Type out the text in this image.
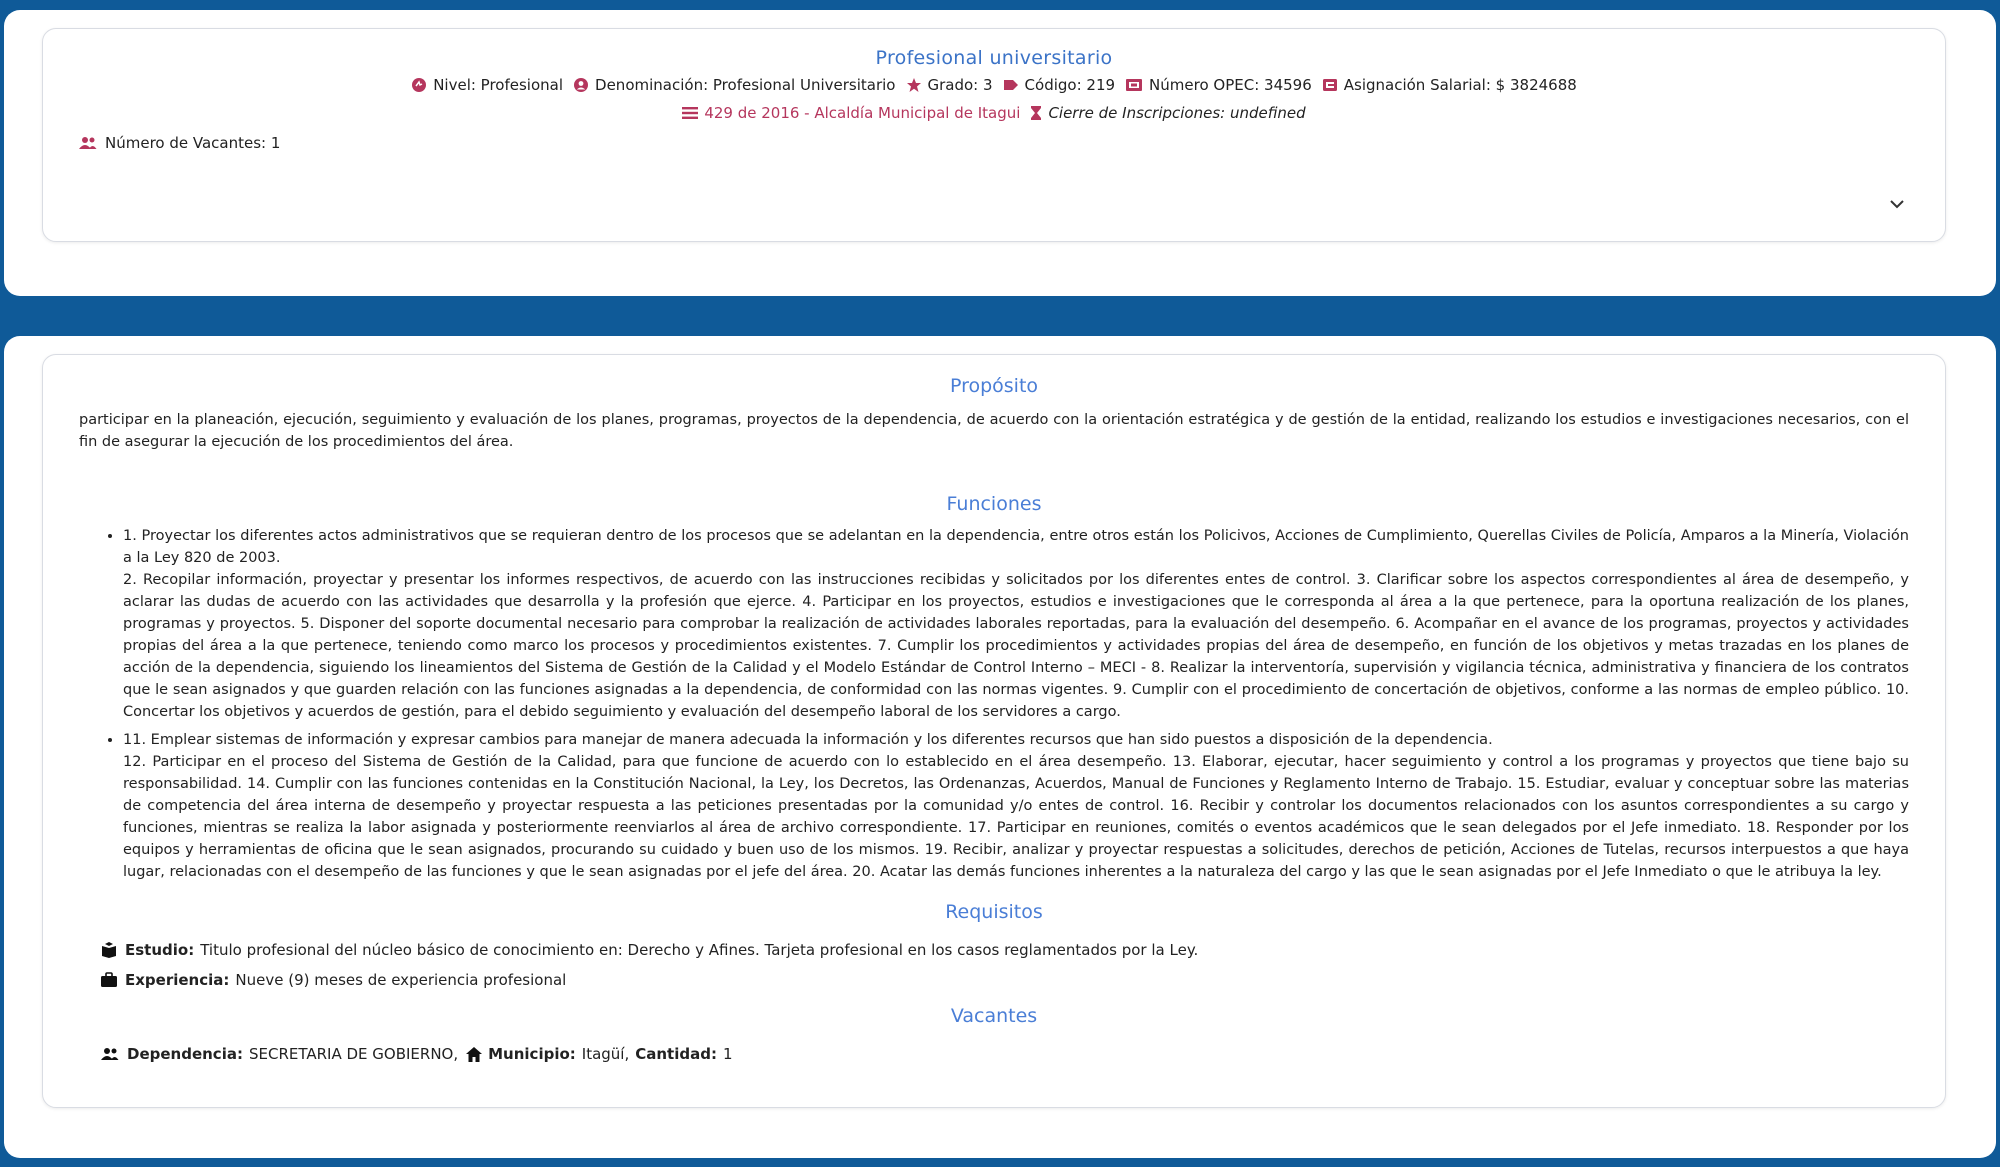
Profesional universitario
Nivel: Profesional Denominación: Profesional Universitario Grado: 3 Código: 219 Número OPEC: 34596 Asignación Salarial: $ 3824688
429 de 2016 - Alcaldía Municipal de Itagui Cierre de Inscripciones: undefined
Número de Vacantes: 1
Propósito
participar en la planeación, ejecución, seguimiento y evaluación de los planes, programas, proyectos de la dependencia, de acuerdo con la orientación estratégica y de gestión de la entidad, realizando los estudios e investigaciones necesarios, con el fin de asegurar la ejecución de los procedimientos del área.
Funciones
• 1. Proyectar los diferentes actos administrativos que se requieran dentro de los procesos que se adelantan en la dependencia, entre otros están los Policivos, Acciones de Cumplimiento, Querellas Civiles de Policía, Amparos a la Minería, Violación a la Ley 820 de 2003.
2. Recopilar información, proyectar y presentar los informes respectivos, de acuerdo con las instrucciones recibidas y solicitados por los diferentes entes de control. 3. Clarificar sobre los aspectos correspondientes al área de desempeño, y aclarar las dudas de acuerdo con las actividades que desarrolla y la profesión que ejerce. 4. Participar en los proyectos, estudios e investigaciones que le corresponda al área a la que pertenece, para la oportuna realización de los planes, programas y proyectos. 5. Disponer del soporte documental necesario para comprobar la realización de actividades laborales reportadas, para la evaluación del desempeño. 6. Acompañar en el avance de los programas, proyectos y actividades propias del área a la que pertenece, teniendo como marco los procesos y procedimientos existentes. 7. Cumplir los procedimientos y actividades propias del área de desempeño, en función de los objetivos y metas trazadas en los planes de acción de la dependencia, siguiendo los lineamientos del Sistema de Gestión de la Calidad y el Modelo Estándar de Control Interno – MECI - 8. Realizar la interventoría, supervisión y vigilancia técnica, administrativa y financiera de los contratos que le sean asignados y que guarden relación con las funciones asignadas a la dependencia, de conformidad con las normas vigentes. 9. Cumplir con el procedimiento de concertación de objetivos, conforme a las normas de empleo público. 10. Concertar los objetivos y acuerdos de gestión, para el debido seguimiento y evaluación del desempeño laboral de los servidores a cargo.
• 11. Emplear sistemas de información y expresar cambios para manejar de manera adecuada la información y los diferentes recursos que han sido puestos a disposición de la dependencia.
12. Participar en el proceso del Sistema de Gestión de la Calidad, para que funcione de acuerdo con lo establecido en el área desempeño. 13. Elaborar, ejecutar, hacer seguimiento y control a los programas y proyectos que tiene bajo su responsabilidad. 14. Cumplir con las funciones contenidas en la Constitución Nacional, la Ley, los Decretos, las Ordenanzas, Acuerdos, Manual de Funciones y Reglamento Interno de Trabajo. 15. Estudiar, evaluar y conceptuar sobre las materias de competencia del área interna de desempeño y proyectar respuesta a las peticiones presentadas por la comunidad y/o entes de control. 16. Recibir y controlar los documentos relacionados con los asuntos correspondientes a su cargo y funciones, mientras se realiza la labor asignada y posteriormente reenviarlos al área de archivo correspondiente. 17. Participar en reuniones, comités o eventos académicos que le sean delegados por el Jefe inmediato. 18. Responder por los equipos y herramientas de oficina que le sean asignados, procurando su cuidado y buen uso de los mismos. 19. Recibir, analizar y proyectar respuestas a solicitudes, derechos de petición, Acciones de Tutelas, recursos interpuestos a que haya lugar, relacionadas con el desempeño de las funciones y que le sean asignadas por el jefe del área. 20. Acatar las demás funciones inherentes a la naturaleza del cargo y las que le sean asignadas por el Jefe Inmediato o que le atribuya la ley.
Requisitos
Estudio: Titulo profesional del núcleo básico de conocimiento en: Derecho y Afines. Tarjeta profesional en los casos reglamentados por la Ley.
Experiencia: Nueve (9) meses de experiencia profesional
Vacantes
Dependencia: SECRETARIA DE GOBIERNO, Municipio: Itagüí, Cantidad: 1
